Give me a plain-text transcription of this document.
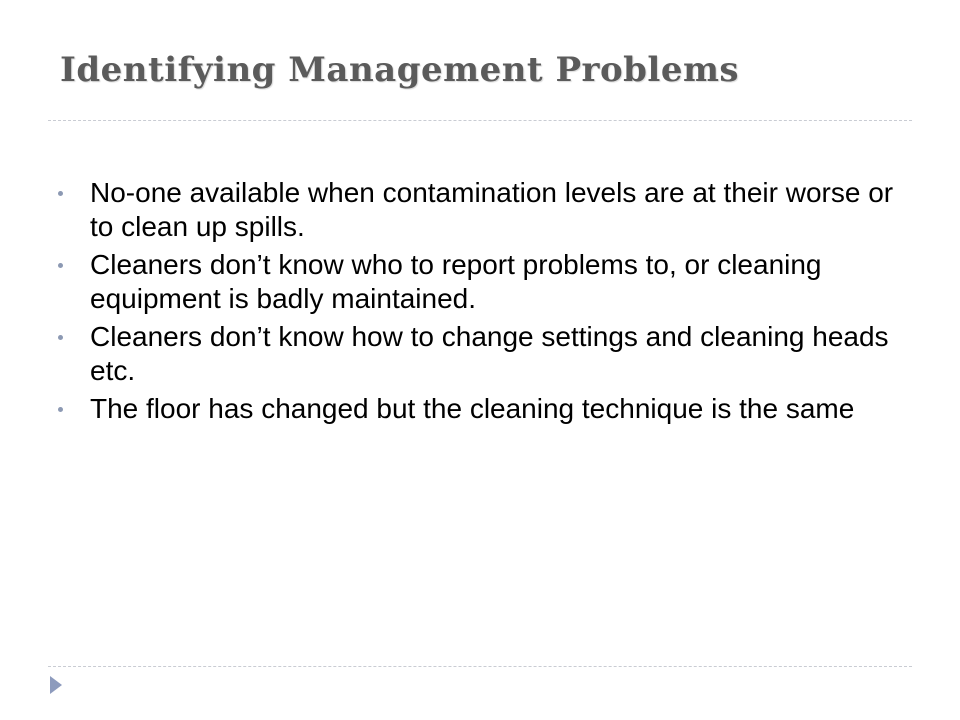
Identifying Management Problems
No-one available when contamination levels are at their worse or to clean up spills.
Cleaners don’t know who to report problems to, or cleaning equipment is badly maintained.
Cleaners don’t know how to change settings and cleaning heads etc.
The floor has changed but the cleaning technique is the same
